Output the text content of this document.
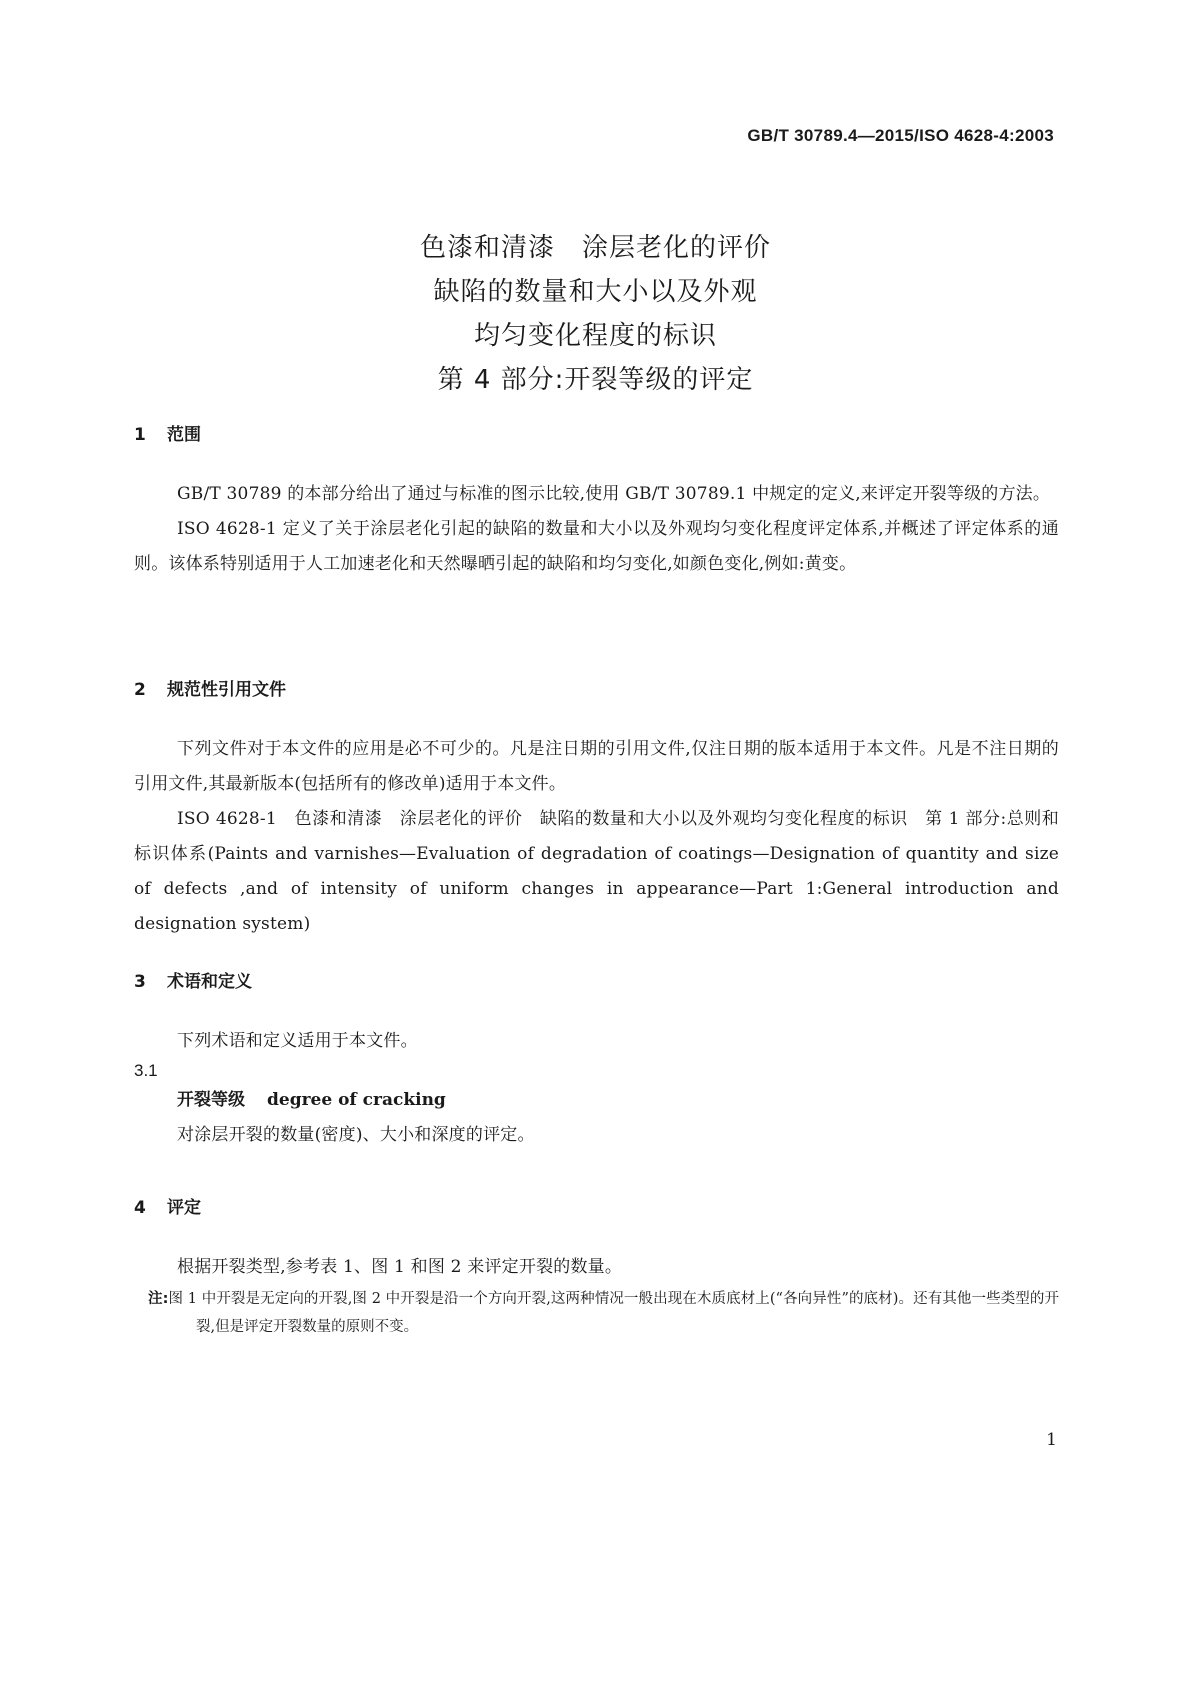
GB/T 30789.4—2015/ISO 4628-4:2003
色漆和清漆　涂层老化的评价
缺陷的数量和大小以及外观
均匀变化程度的标识
第 4 部分:开裂等级的评定
1 范围

GB/T 30789 的本部分给出了通过与标准的图示比较,使用 GB/T 30789.1 中规定的定义,来评定开裂等级的方法。

ISO 4628-1 定义了关于涂层老化引起的缺陷的数量和大小以及外观均匀变化程度评定体系,并概述了评定体系的通则。该体系特别适用于人工加速老化和天然曝晒引起的缺陷和均匀变化,如颜色变化,例如:黄变。

2 规范性引用文件

下列文件对于本文件的应用是必不可少的。凡是注日期的引用文件,仅注日期的版本适用于本文件。凡是不注日期的引用文件,其最新版本(包括所有的修改单)适用于本文件。

ISO 4628-1　色漆和清漆　涂层老化的评价　缺陷的数量和大小以及外观均匀变化程度的标识　第 1 部分:总则和标识体系(Paints and varnishes—Evaluation of degradation of coatings—Designation of quantity and size of defects ,and of intensity of uniform changes in appearance—Part 1:General introduction and designation system)

3 术语和定义

下列术语和定义适用于本文件。

3.1
开裂等级 degree of cracking

对涂层开裂的数量(密度)、大小和深度的评定。

4 评定

根据开裂类型,参考表 1、图 1 和图 2 来评定开裂的数量。

注:图 1 中开裂是无定向的开裂,图 2 中开裂是沿一个方向开裂,这两种情况一般出现在木质底材上(“各向异性”的底材)。还有其他一些类型的开裂,但是评定开裂数量的原则不变。

1
